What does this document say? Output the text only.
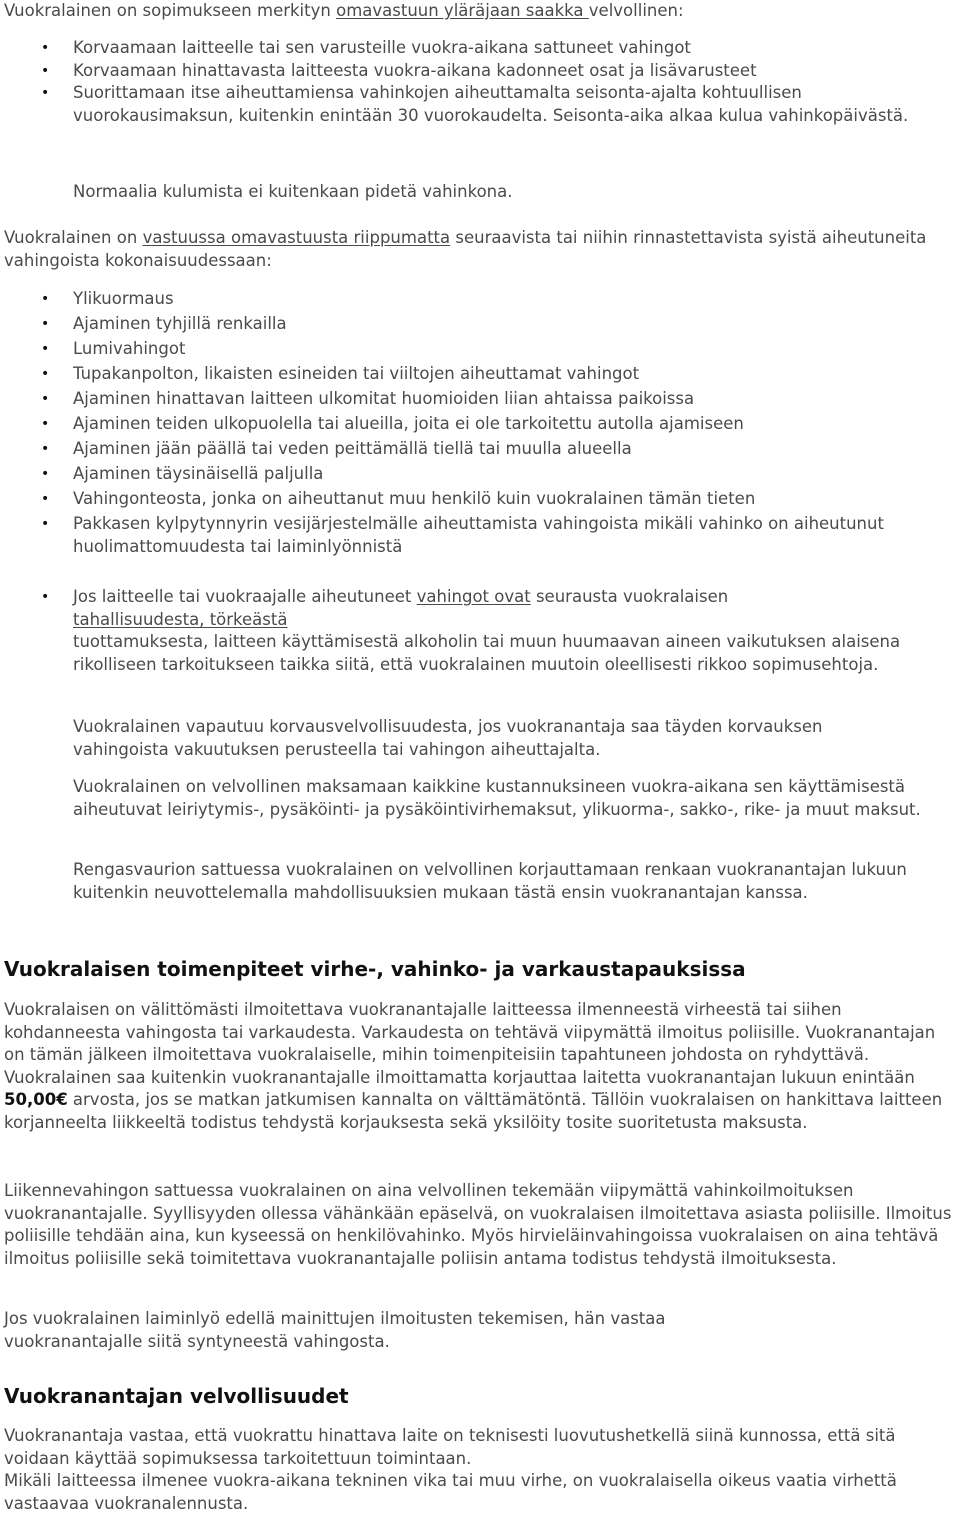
Vuokralainen on sopimukseen merkityn omavastuun yläräjaan saakka velvollinen:

• Korvaamaan laitteelle tai sen varusteille vuokra-aikana sattuneet vahingot
• Korvaamaan hinattavasta laitteesta vuokra-aikana kadonneet osat ja lisävarusteet
• Suorittamaan itse aiheuttamiensa vahinkojen aiheuttamalta seisonta-ajalta kohtuullisen vuorokausimaksun, kuitenkin enintään 30 vuorokaudelta. Seisonta-aika alkaa kulua vahinkopäivästä.

Normaalia kulumista ei kuitenkaan pidetä vahinkona.

Vuokralainen on vastuussa omavastuusta riippumatta seuraavista tai niihin rinnastettavista syistä aiheutuneita vahingoista kokonaisuudessaan:

• Ylikuormaus
• Ajaminen tyhjillä renkailla
• Lumivahingot
• Tupakanpolton, likaisten esineiden tai viiltojen aiheuttamat vahingot
• Ajaminen hinattavan laitteen ulkomitat huomioiden liian ahtaissa paikoissa
• Ajaminen teiden ulkopuolella tai alueilla, joita ei ole tarkoitettu autolla ajamiseen
• Ajaminen jään päällä tai veden peittämällä tiellä tai muulla alueella
• Ajaminen täysinäisellä paljulla
• Vahingonteosta, jonka on aiheuttanut muu henkilö kuin vuokralainen tämän tieten
• Pakkasen kylpytynnyrin vesijärjestelmälle aiheuttamista vahingoista mikäli vahinko on aiheutunut
huolimattomuudesta tai laiminlyönnistä
• Jos laitteelle tai vuokraajalle aiheutuneet vahingot ovat seurausta vuokralaisen
tahallisuudesta, törkeästä
tuottamuksesta, laitteen käyttämisestä alkoholin tai muun huumaavan aineen vaikutuksen alaisena rikolliseen tarkoitukseen taikka siitä, että vuokralainen muutoin oleellisesti rikkoo sopimusehtoja.

Vuokralainen vapautuu korvausvelvollisuudesta, jos vuokranantaja saa täyden korvauksen vahingoista vakuutuksen perusteella tai vahingon aiheuttajalta.

Vuokralainen on velvollinen maksamaan kaikkine kustannuksineen vuokra-aikana sen käyttämisestä aiheutuvat leiriytymis-, pysäköinti- ja pysäköintivirhemaksut, ylikuorma-, sakko-, rike- ja muut maksut.

Rengasvaurion sattuessa vuokralainen on velvollinen korjauttamaan renkaan vuokranantajan lukuun kuitenkin neuvottelemalla mahdollisuuksien mukaan tästä ensin vuokranantajan kanssa.

Vuokralaisen toimenpiteet virhe-, vahinko- ja varkaustapauksissa

Vuokralaisen on välittömästi ilmoitettava vuokranantajalle laitteessa ilmenneestä virheestä tai siihen kohdanneesta vahingosta tai varkaudesta. Varkaudesta on tehtävä viipymättä ilmoitus poliisille. Vuokranantajan on tämän jälkeen ilmoitettava vuokralaiselle, mihin toimenpiteisiin tapahtuneen johdosta on ryhdyttävä. Vuokralainen saa kuitenkin vuokranantajalle ilmoittamatta korjauttaa laitetta vuokranantajan lukuun enintään 50,00€ arvosta, jos se matkan jatkumisen kannalta on välttämätöntä. Tällöin vuokralaisen on hankittava laitteen korjanneelta liikkeeltä todistus tehdystä korjauksesta sekä yksilöity tosite suoritetusta maksusta.

Liikennevahingon sattuessa vuokralainen on aina velvollinen tekemään viipymättä vahinkoilmoituksen vuokranantajalle. Syyllisyyden ollessa vähänkään epäselvä, on vuokralaisen ilmoitettava asiasta poliisille. Ilmoitus poliisille tehdään aina, kun kyseessä on henkilövahinko. Myös hirvieläinvahingoissa vuokralaisen on aina tehtävä ilmoitus poliisille sekä toimitettava vuokranantajalle poliisin antama todistus tehdystä ilmoituksesta.

Jos vuokralainen laiminlyö edellä mainittujen ilmoitusten tekemisen, hän vastaa vuokranantajalle siitä syntyneestä vahingosta.

Vuokranantajan velvollisuudet

Vuokranantaja vastaa, että vuokrattu hinattava laite on teknisesti luovutushetkellä siinä kunnossa, että sitä voidaan käyttää sopimuksessa tarkoitettuun toimintaan.

Mikäli laitteessa ilmenee vuokra-aikana tekninen vika tai muu virhe, on vuokralaisella oikeus vaatia virhettä vastaavaa vuokranalennusta.
